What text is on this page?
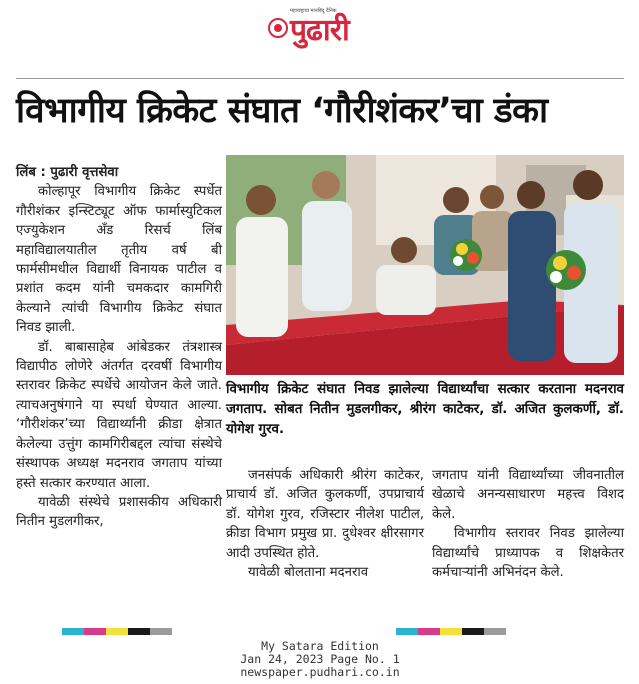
महाराष्ट्राचा मानबिंदू दैनिक
पुढारी
विभागीय क्रिकेट संघात ‘गौरीशंकर’चा डंका

लिंब : पुढारी वृत्तसेवा

कोल्हापूर विभागीय क्रिकेट स्पर्धेत गौरीशंकर इन्स्टिट्यूट ऑफ फार्मास्युटिकल एज्युकेशन अँड रिसर्च लिंब महाविद्यालयातील तृतीय वर्ष बी फार्मसीमधील विद्यार्थी विनायक पाटील व प्रशांत कदम यांनी चमकदार कामगिरी केल्याने त्यांची विभागीय क्रिकेट संघात निवड झाली.

डॉ. बाबासाहेब आंबेडकर तंत्रशास्त्र विद्यापीठ लोणेरे अंतर्गत दरवर्षी विभागीय स्तरावर क्रिकेट स्पर्धेचे आयोजन केले जाते. त्याचअनुषंगाने या स्पर्धा घेण्यात आल्या. ‘गौरीशंकर’च्या विद्यार्थ्यांनी क्रीडा क्षेत्रात केलेल्या उत्तुंग कामगिरीबद्दल त्यांचा संस्थेचे संस्थापक अध्यक्ष मदनराव जगताप यांच्या हस्ते सत्कार करण्यात आला.

यावेळी संस्थेचे प्रशासकीय अधिकारी नितीन मुडलगीकर,

विभागीय क्रिकेट संघात निवड झालेल्या विद्यार्थ्यांचा सत्कार करताना मदनराव जगताप. सोबत नितीन मुडलगीकर, श्रीरंग काटेकर, डॉ. अजित कुलकर्णी, डॉ. योगेश गुरव.

जनसंपर्क अधिकारी श्रीरंग काटेकर, प्राचार्य डॉ. अजित कुलकर्णी, उपप्राचार्य डॉ. योगेश गुरव, रजिस्टार नीलेश पाटील, क्रीडा विभाग प्रमुख प्रा. दुधेश्वर क्षीरसागर आदी उपस्थित होते.

यावेळी बोलताना मदनराव

जगताप यांनी विद्यार्थ्यांच्या जीवनातील खेळाचे अनन्यसाधारण महत्त्व विशद केले.

विभागीय स्तरावर निवड झालेल्या विद्यार्थ्यांचे प्राध्यापक व शिक्षकेतर कर्मचाऱ्यांनी अभिनंदन केले.

My Satara Edition
Jan 24, 2023 Page No. 1
newspaper.pudhari.co.in
